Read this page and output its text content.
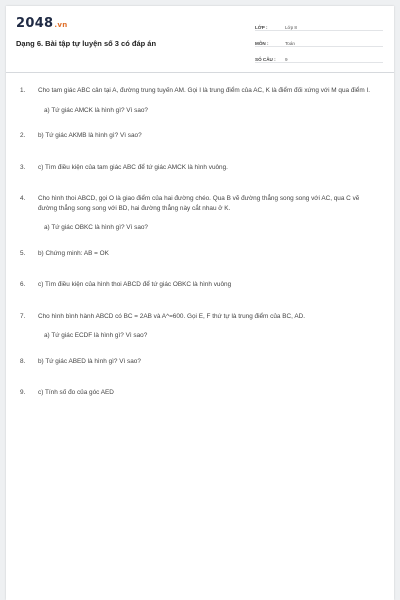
2048.vn
Dạng 6. Bài tập tự luyện số 3 có đáp án
LỚP :	Lớp 8
MÔN :	Toán
SỐ CÂU :	9
1.	Cho tam giác ABC cân tại A, đường trung tuyến AM. Gọi I là trung điểm của AC, K là điểm đối xứng với M qua điểm I.
a) Tứ giác AMCK là hình gì? Vì sao?
2.	b) Tứ giác AKMB là hình gì? Vì sao?
3.	c) Tìm điều kiện của tam giác ABC để tứ giác AMCK là hình vuông.
4.	Cho hình thoi ABCD, gọi O là giao điểm của hai đường chéo. Qua B vẽ đường thẳng song song với AC, qua C vẽ đường thẳng song song với BD, hai đường thẳng này cắt nhau ở K.
a) Tứ giác OBKC là hình gì? Vì sao?
5.	b) Chứng minh: AB = OK
6.	c) Tìm điều kiện của hình thoi ABCD để tứ giác OBKC là hình vuông
7.	Cho hình bình hành ABCD có BC = 2AB và A^=600. Gọi E, F thứ tự là trung điểm của BC, AD.
a) Tứ giác ECDF là hình gì? Vì sao?
8.	b) Tứ giác ABED là hình gì? Vì sao?
9.	c) Tính số đo của góc AED
